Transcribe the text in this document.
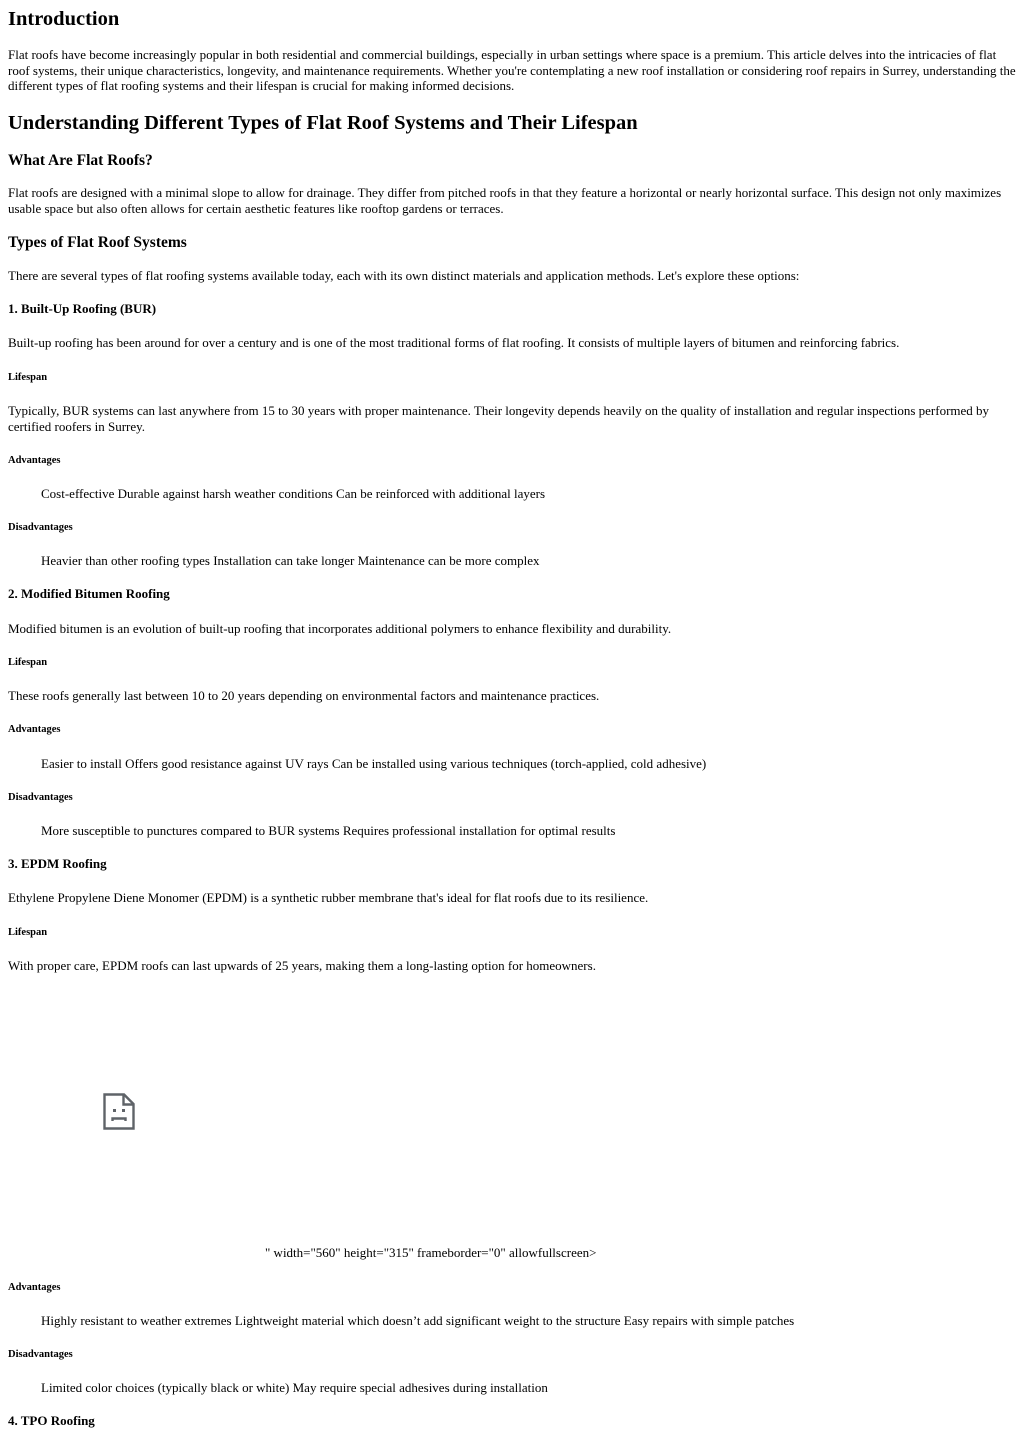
Introduction

Flat roofs have become increasingly popular in both residential and commercial buildings, especially in urban settings where space is a premium. This article delves into the intricacies of flat roof systems, their unique characteristics, longevity, and maintenance requirements. Whether you're contemplating a new roof installation or considering roof repairs in Surrey, understanding the different types of flat roofing systems and their lifespan is crucial for making informed decisions.

Understanding Different Types of Flat Roof Systems and Their Lifespan
What Are Flat Roofs?

Flat roofs are designed with a minimal slope to allow for drainage. They differ from pitched roofs in that they feature a horizontal or nearly horizontal surface. This design not only maximizes usable space but also often allows for certain aesthetic features like rooftop gardens or terraces.

Types of Flat Roof Systems

There are several types of flat roofing systems available today, each with its own distinct materials and application methods. Let's explore these options:

1. Built-Up Roofing (BUR)

Built-up roofing has been around for over a century and is one of the most traditional forms of flat roofing. It consists of multiple layers of bitumen and reinforcing fabrics.

Lifespan

Typically, BUR systems can last anywhere from 15 to 30 years with proper maintenance. Their longevity depends heavily on the quality of installation and regular inspections performed by certified roofers in Surrey.

Advantages
Cost-effective Durable against harsh weather conditions Can be reinforced with additional layers
Disadvantages
Heavier than other roofing types Installation can take longer Maintenance can be more complex
2. Modified Bitumen Roofing

Modified bitumen is an evolution of built-up roofing that incorporates additional polymers to enhance flexibility and durability.

Lifespan

These roofs generally last between 10 to 20 years depending on environmental factors and maintenance practices.

Advantages
Easier to install Offers good resistance against UV rays Can be installed using various techniques (torch-applied, cold adhesive)
Disadvantages
More susceptible to punctures compared to BUR systems Requires professional installation for optimal results
3. EPDM Roofing

Ethylene Propylene Diene Monomer (EPDM) is a synthetic rubber membrane that's ideal for flat roofs due to its resilience.

Lifespan

With proper care, EPDM roofs can last upwards of 25 years, making them a long-lasting option for homeowners.

" width="560" height="315" frameborder="0" allowfullscreen>
Advantages
Highly resistant to weather extremes Lightweight material which doesn’t add significant weight to the structure Easy repairs with simple patches
Disadvantages
Limited color choices (typically black or white) May require special adhesives during installation
4. TPO Roofing
